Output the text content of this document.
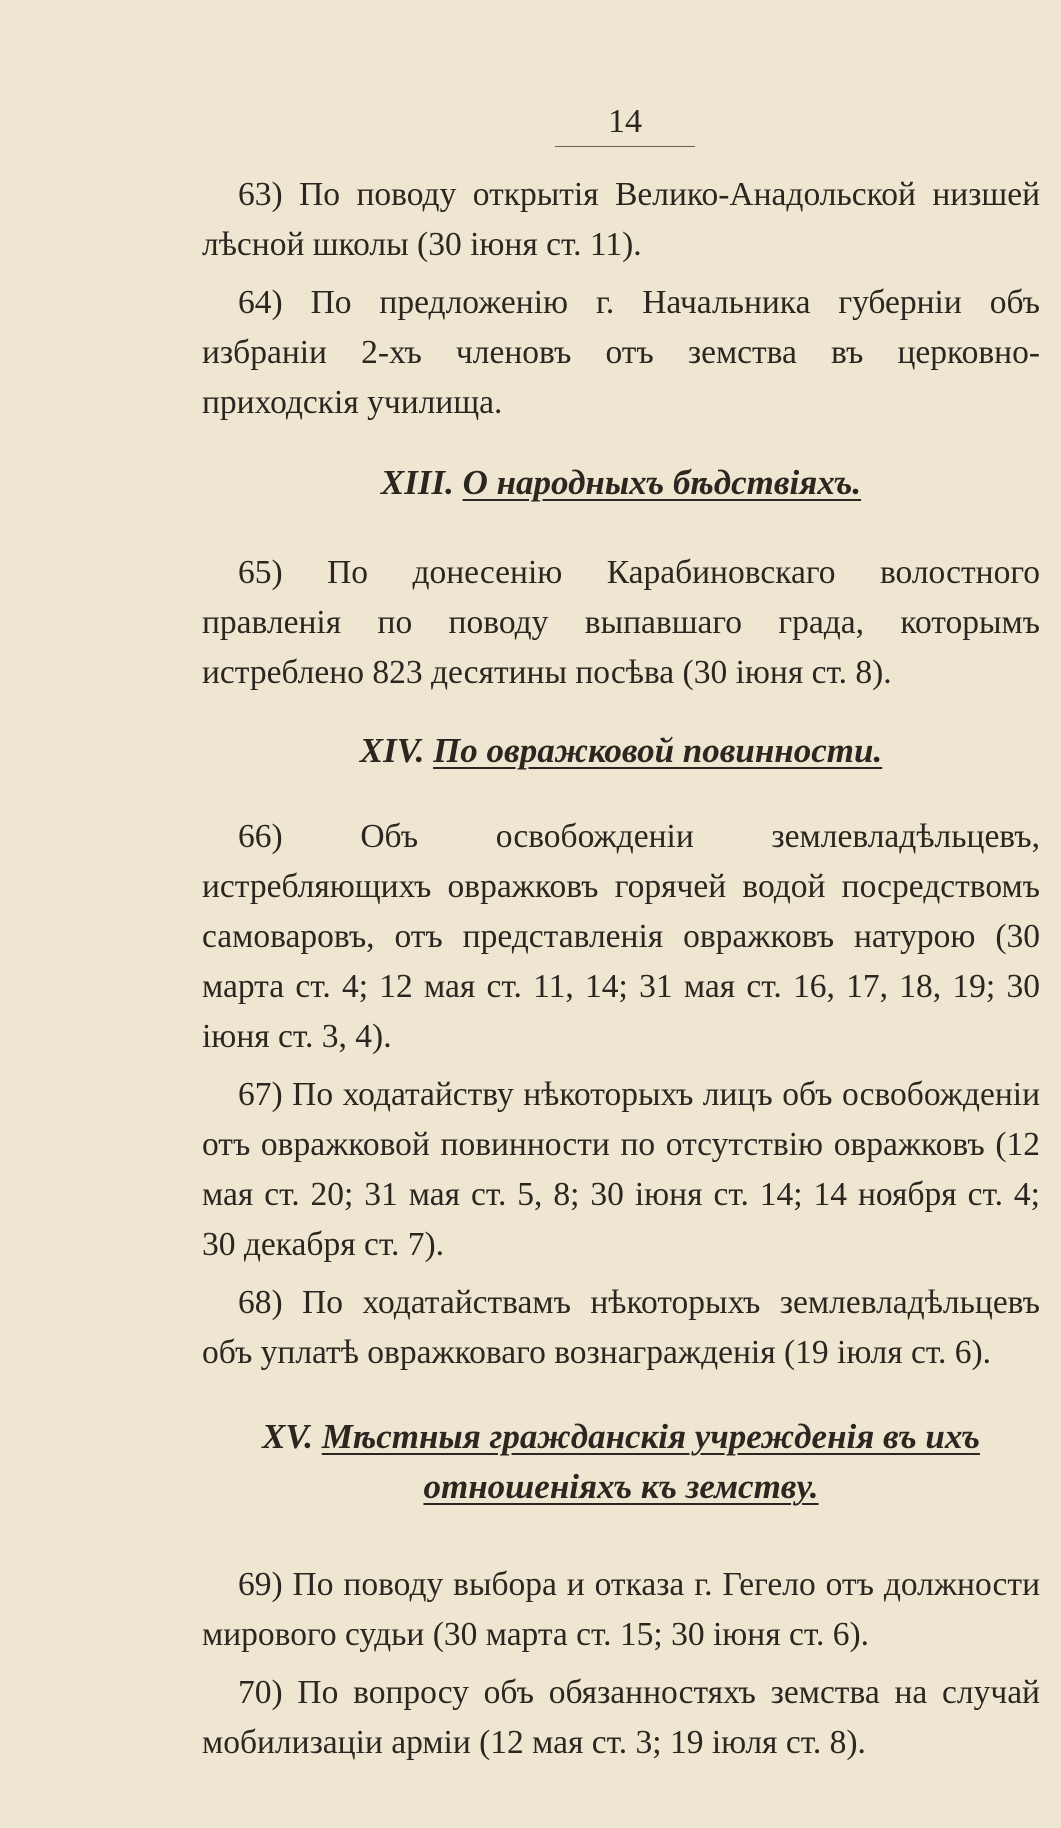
14

63) По поводу открытія Велико-Анадольской низшей лѣсной школы (30 іюня ст. 11).

64) По предложенію г. Начальника губерніи объ избраніи 2-хъ членовъ отъ земства въ церковно-приходскія училища.

XIII. О народныхъ бѣдствіяхъ.

65) По донесенію Карабиновскаго волостного правленія по поводу выпавшаго града, которымъ истреблено 823 десятины посѣва (30 іюня ст. 8).

XIV. По овражковой повинности.

66) Объ освобожденіи землевладѣльцевъ, истребляющихъ овражковъ горячей водой посредствомъ самоваровъ, отъ представленія овражковъ натурою (30 марта ст. 4; 12 мая ст. 11, 14; 31 мая ст. 16, 17, 18, 19; 30 іюня ст. 3, 4).

67) По ходатайству нѣкоторыхъ лицъ объ освобожденіи отъ овражковой повинности по отсутствію овражковъ (12 мая ст. 20; 31 мая ст. 5, 8; 30 іюня ст. 14; 14 ноября ст. 4; 30 декабря ст. 7).

68) По ходатайствамъ нѣкоторыхъ землевладѣльцевъ объ уплатѣ овражковаго вознагражденія (19 іюля ст. 6).

XV. Мѣстныя гражданскія учрежденія въ ихъ отношеніяхъ къ земству.

69) По поводу выбора и отказа г. Гегело отъ должности мирового судьи (30 марта ст. 15; 30 іюня ст. 6).

70) По вопросу объ обязанностяхъ земства на случай мобилизаціи арміи (12 мая ст. 3; 19 іюля ст. 8).
